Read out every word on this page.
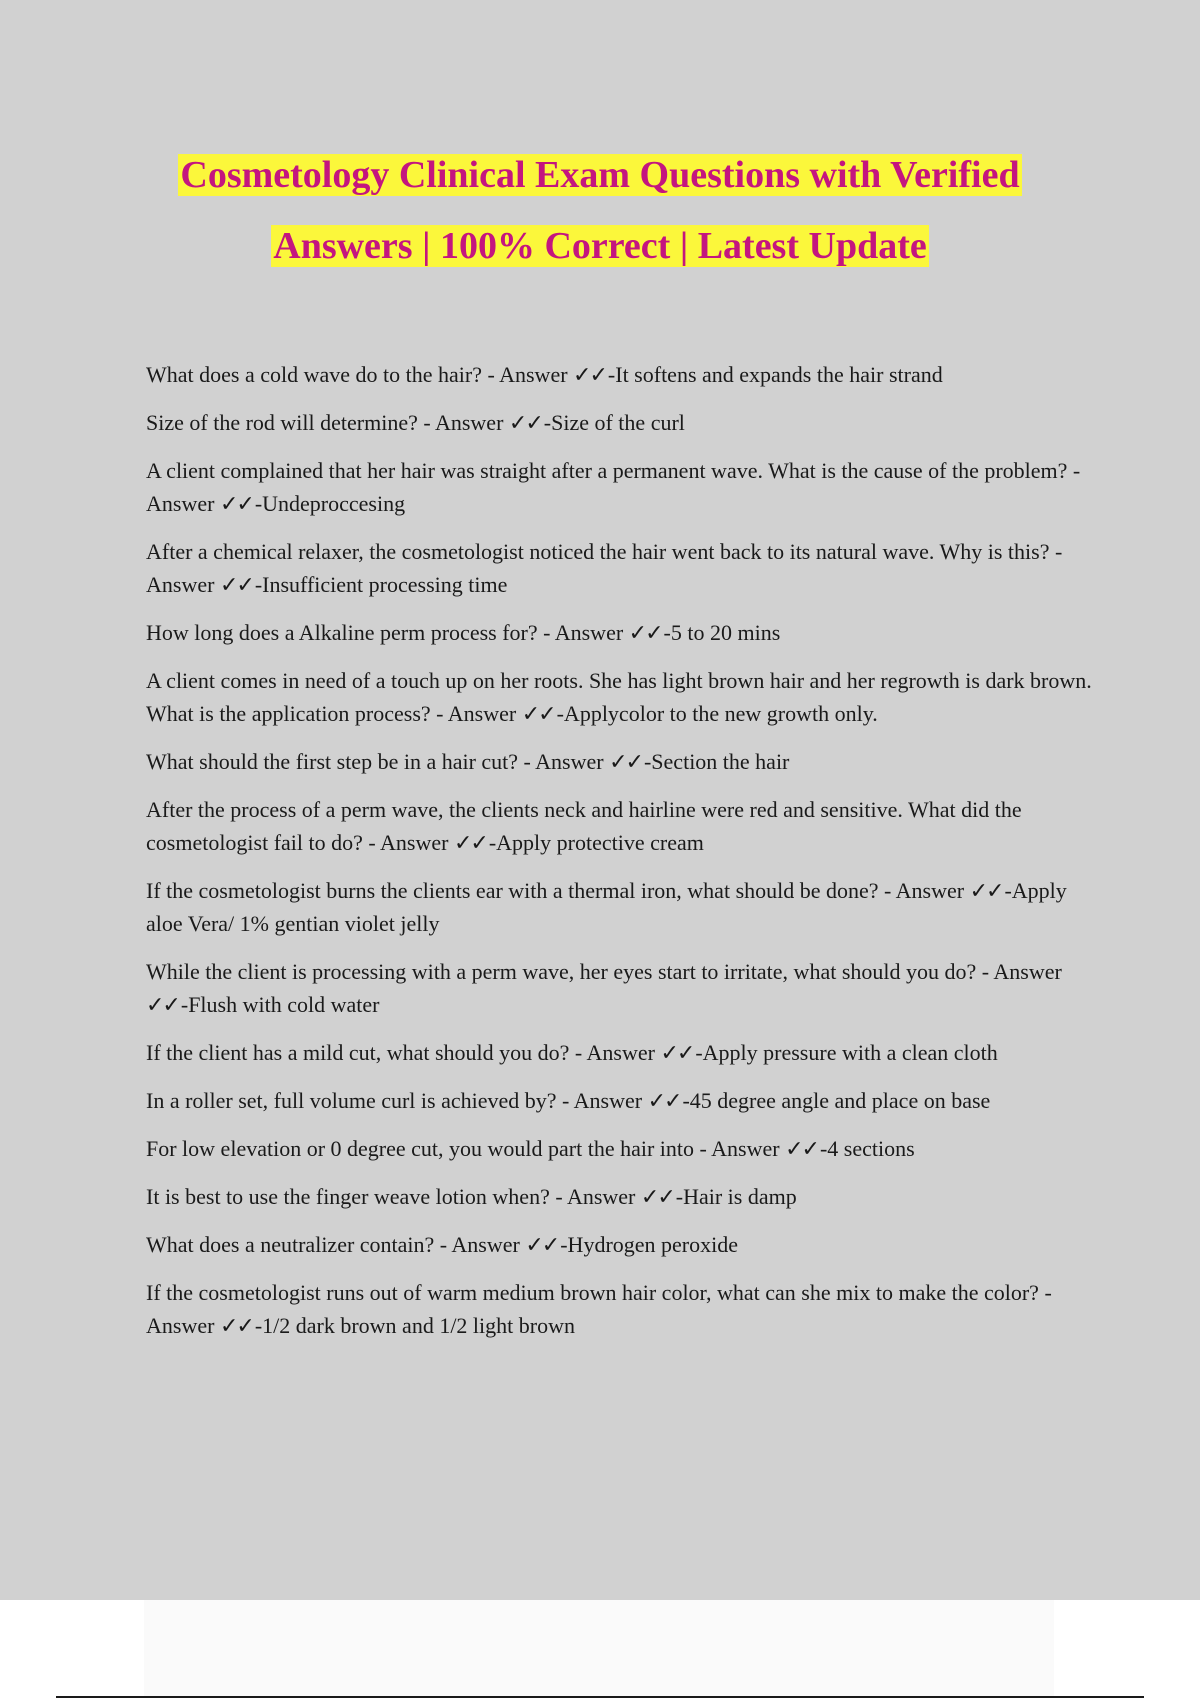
Cosmetology Clinical Exam Questions with Verified
Answers | 100% Correct | Latest Update

What does a cold wave do to the hair? - Answer ✓✓-It softens and expands the hair strand

Size of the rod will determine? - Answer ✓✓-Size of the curl

A client complained that her hair was straight after a permanent wave. What is the cause of the problem? - Answer ✓✓-Undeproccesing

After a chemical relaxer, the cosmetologist noticed the hair went back to its natural wave. Why is this? - Answer ✓✓-Insufficient processing time

How long does a Alkaline perm process for? - Answer ✓✓-5 to 20 mins

A client comes in need of a touch up on her roots. She has light brown hair and her regrowth is dark brown. What is the application process? - Answer ✓✓-Applycolor to the new growth only.

What should the first step be in a hair cut? - Answer ✓✓-Section the hair

After the process of a perm wave, the clients neck and hairline were red and sensitive. What did the cosmetologist fail to do? - Answer ✓✓-Apply protective cream

If the cosmetologist burns the clients ear with a thermal iron, what should be done? - Answer ✓✓-Apply aloe Vera/ 1% gentian violet jelly

While the client is processing with a perm wave, her eyes start to irritate, what should you do? - Answer ✓✓-Flush with cold water

If the client has a mild cut, what should you do? - Answer ✓✓-Apply pressure with a clean cloth

In a roller set, full volume curl is achieved by? - Answer ✓✓-45 degree angle and place on base

For low elevation or 0 degree cut, you would part the hair into - Answer ✓✓-4 sections

It is best to use the finger weave lotion when? - Answer ✓✓-Hair is damp

What does a neutralizer contain? - Answer ✓✓-Hydrogen peroxide

If the cosmetologist runs out of warm medium brown hair color, what can she mix to make the color? - Answer ✓✓-1/2 dark brown and 1/2 light brown
